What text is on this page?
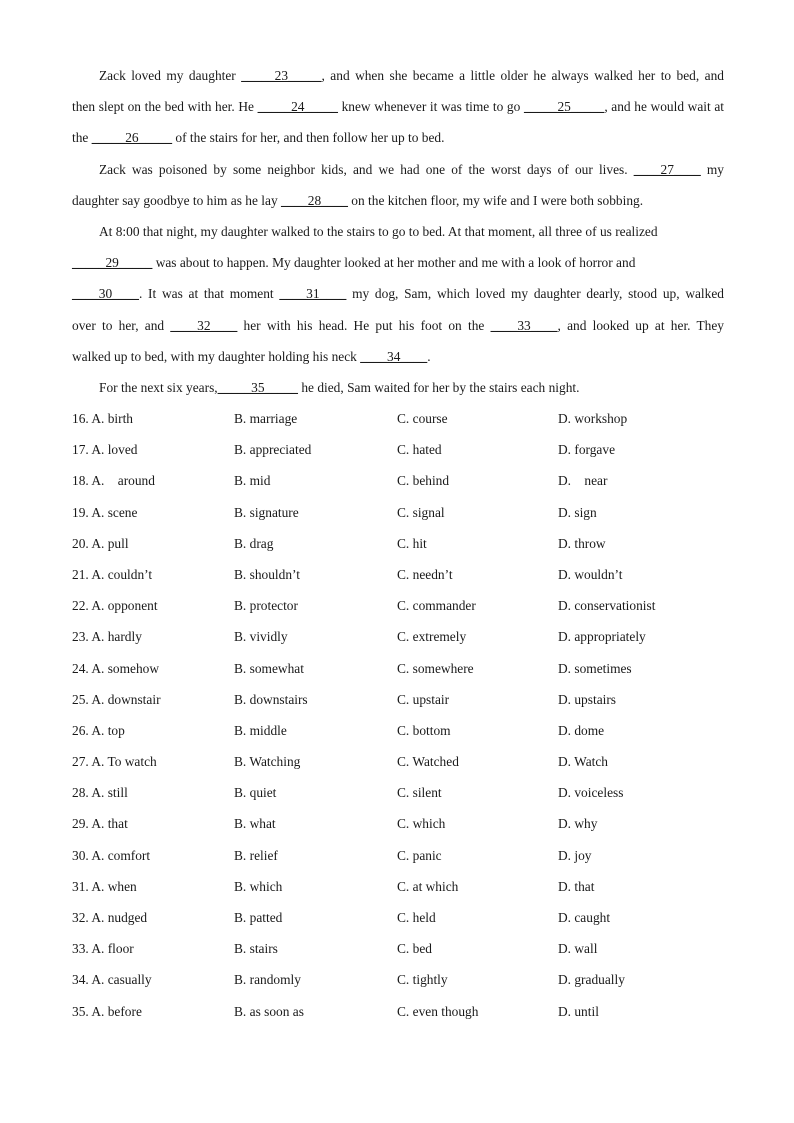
Zack loved my daughter _____23_____, and when she became a little older he always walked her to bed, and
then slept on the bed with her. He _____24_____ knew whenever it was time to go _____25_____, and he would wait at
the _____26_____ of the stairs for her, and then follow her up to bed.
Zack was poisoned by some neighbor kids, and we had one of the worst days of our lives. ____27____ my
daughter say goodbye to him as he lay ____28____ on the kitchen floor, my wife and I were both sobbing.
At 8:00 that night, my daughter walked to the stairs to go to bed. At that moment, all three of us realized
_____29_____ was about to happen. My daughter looked at her mother and me with a look of horror and
____30____. It was at that moment ____31____ my dog, Sam, which loved my daughter dearly, stood up, walked
over to her, and ____32____ her with his head. He put his foot on the ____33____, and looked up at her. They
walked up to bed, with my daughter holding his neck ____34____.
For the next six years,_____35_____ he died, Sam waited for her by the stairs each night.
16. A. birth	B. marriage	C. course	D. workshop
17. A. loved	B. appreciated	C. hated	D. forgave
18. A.    around	B. mid	C. behind	D.    near
19. A. scene	B. signature	C. signal	D. sign
20. A. pull	B. drag	C. hit	D. throw
21. A. couldn’t	B. shouldn’t	C. needn’t	D. wouldn’t
22. A. opponent	B. protector	C. commander	D. conservationist
23. A. hardly	B. vividly	C. extremely	D. appropriately
24. A. somehow	B. somewhat	C. somewhere	D. sometimes
25. A. downstair	B. downstairs	C. upstair	D. upstairs
26. A. top	B. middle	C. bottom	D. dome
27. A. To watch	B. Watching	C. Watched	D. Watch
28. A. still	B. quiet	C. silent	D. voiceless
29. A. that	B. what	C. which	D. why
30. A. comfort	B. relief	C. panic	D. joy
31. A. when	B. which	C. at which	D. that
32. A. nudged	B. patted	C. held	D. caught
33. A. floor	B. stairs	C. bed	D. wall
34. A. casually	B. randomly	C. tightly	D. gradually
35. A. before	B. as soon as	C. even though	D. until
